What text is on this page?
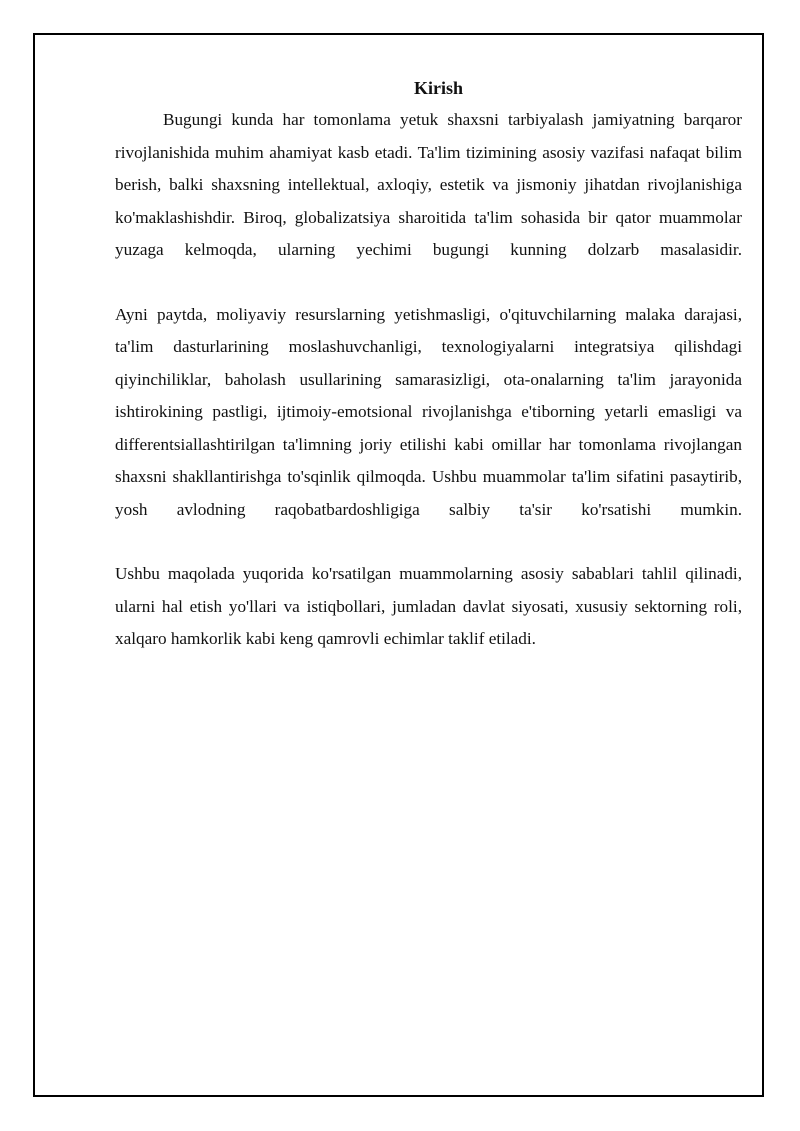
Kirish

Bugungi kunda har tomonlama yetuk shaxsni tarbiyalash jamiyatning barqaror rivojlanishida muhim ahamiyat kasb etadi. Ta'lim tizimining asosiy vazifasi nafaqat bilim berish, balki shaxsning intellektual, axloqiy, estetik va jismoniy jihatdan rivojlanishiga ko'maklashishdir. Biroq, globalizatsiya sharoitida ta'lim sohasida bir qator muammolar yuzaga kelmoqda, ularning yechimi bugungi kunning dolzarb masalasidir.

Ayni paytda, moliyaviy resurslarning yetishmasligi, o'qituvchilarning malaka darajasi, ta'lim dasturlarining moslashuvchanligi, texnologiyalarni integratsiya qilishdagi qiyinchiliklar, baholash usullarining samarasizligi, ota-onalarning ta'lim jarayonida ishtirokining pastligi, ijtimoiy-emotsional rivojlanishga e'tiborning yetarli emasligi va differentsiallashtirilgan ta'limning joriy etilishi kabi omillar har tomonlama rivojlangan shaxsni shakllantirishga to'sqinlik qilmoqda. Ushbu muammolar ta'lim sifatini pasaytirib, yosh avlodning raqobatbardoshligiga salbiy ta'sir ko'rsatishi mumkin.

Ushbu maqolada yuqorida ko'rsatilgan muammolarning asosiy sabablari tahlil qilinadi, ularni hal etish yo'llari va istiqbollari, jumladan davlat siyosati, xususiy sektorning roli, xalqaro hamkorlik kabi keng qamrovli echimlar taklif etiladi.
